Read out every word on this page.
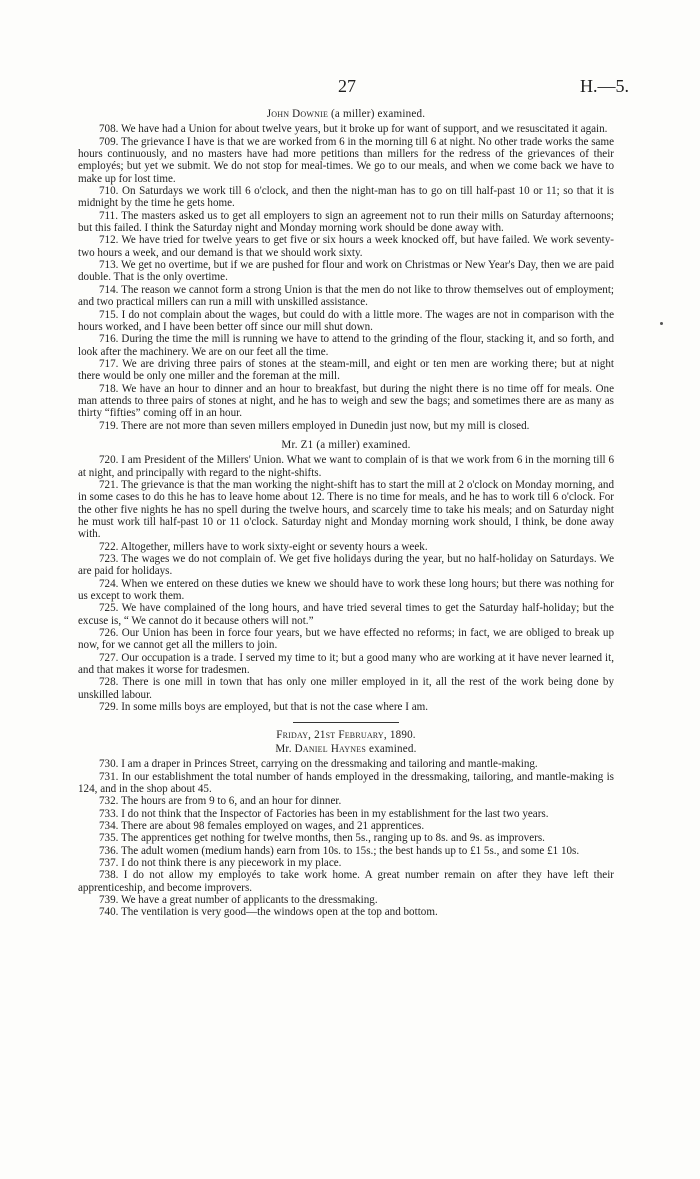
27	H.—5.
John Downie (a miller) examined.
708. We have had a Union for about twelve years, but it broke up for want of support, and we resuscitated it again.
709. The grievance I have is that we are worked from 6 in the morning till 6 at night. No other trade works the same hours continuously, and no masters have had more petitions than millers for the redress of the grievances of their employés; but yet we submit. We do not stop for meal-times. We go to our meals, and when we come back we have to make up for lost time.
710. On Saturdays we work till 6 o'clock, and then the night-man has to go on till half-past 10 or 11; so that it is midnight by the time he gets home.
711. The masters asked us to get all employers to sign an agreement not to run their mills on Saturday afternoons; but this failed. I think the Saturday night and Monday morning work should be done away with.
712. We have tried for twelve years to get five or six hours a week knocked off, but have failed. We work seventy-two hours a week, and our demand is that we should work sixty.
713. We get no overtime, but if we are pushed for flour and work on Christmas or New Year's Day, then we are paid double. That is the only overtime.
714. The reason we cannot form a strong Union is that the men do not like to throw themselves out of employment; and two practical millers can run a mill with unskilled assistance.
715. I do not complain about the wages, but could do with a little more. The wages are not in comparison with the hours worked, and I have been better off since our mill shut down.
716. During the time the mill is running we have to attend to the grinding of the flour, stacking it, and so forth, and look after the machinery. We are on our feet all the time.
717. We are driving three pairs of stones at the steam-mill, and eight or ten men are working there; but at night there would be only one miller and the foreman at the mill.
718. We have an hour to dinner and an hour to breakfast, but during the night there is no time off for meals. One man attends to three pairs of stones at night, and he has to weigh and sew the bags; and sometimes there are as many as thirty “fifties” coming off in an hour.
719. There are not more than seven millers employed in Dunedin just now, but my mill is closed.
Mr. Z1 (a miller) examined.
720. I am President of the Millers' Union. What we want to complain of is that we work from 6 in the morning till 6 at night, and principally with regard to the night-shifts.
721. The grievance is that the man working the night-shift has to start the mill at 2 o'clock on Monday morning, and in some cases to do this he has to leave home about 12. There is no time for meals, and he has to work till 6 o'clock. For the other five nights he has no spell during the twelve hours, and scarcely time to take his meals; and on Saturday night he must work till half-past 10 or 11 o'clock. Saturday night and Monday morning work should, I think, be done away with.
722. Altogether, millers have to work sixty-eight or seventy hours a week.
723. The wages we do not complain of. We get five holidays during the year, but no half-holiday on Saturdays. We are paid for holidays.
724. When we entered on these duties we knew we should have to work these long hours; but there was nothing for us except to work them.
725. We have complained of the long hours, and have tried several times to get the Saturday half-holiday; but the excuse is, “ We cannot do it because others will not.”
726. Our Union has been in force four years, but we have effected no reforms; in fact, we are obliged to break up now, for we cannot get all the millers to join.
727. Our occupation is a trade. I served my time to it; but a good many who are working at it have never learned it, and that makes it worse for tradesmen.
728. There is one mill in town that has only one miller employed in it, all the rest of the work being done by unskilled labour.
729. In some mills boys are employed, but that is not the case where I am.
Friday, 21st February, 1890.
Mr. Daniel Haynes examined.
730. I am a draper in Princes Street, carrying on the dressmaking and tailoring and mantle-making.
731. In our establishment the total number of hands employed in the dressmaking, tailoring, and mantle-making is 124, and in the shop about 45.
732. The hours are from 9 to 6, and an hour for dinner.
733. I do not think that the Inspector of Factories has been in my establishment for the last two years.
734. There are about 98 females employed on wages, and 21 apprentices.
735. The apprentices get nothing for twelve months, then 5s., ranging up to 8s. and 9s. as improvers.
736. The adult women (medium hands) earn from 10s. to 15s.; the best hands up to £1 5s., and some £1 10s.
737. I do not think there is any piecework in my place.
738. I do not allow my employés to take work home. A great number remain on after they have left their apprenticeship, and become improvers.
739. We have a great number of applicants to the dressmaking.
740. The ventilation is very good—the windows open at the top and bottom.
